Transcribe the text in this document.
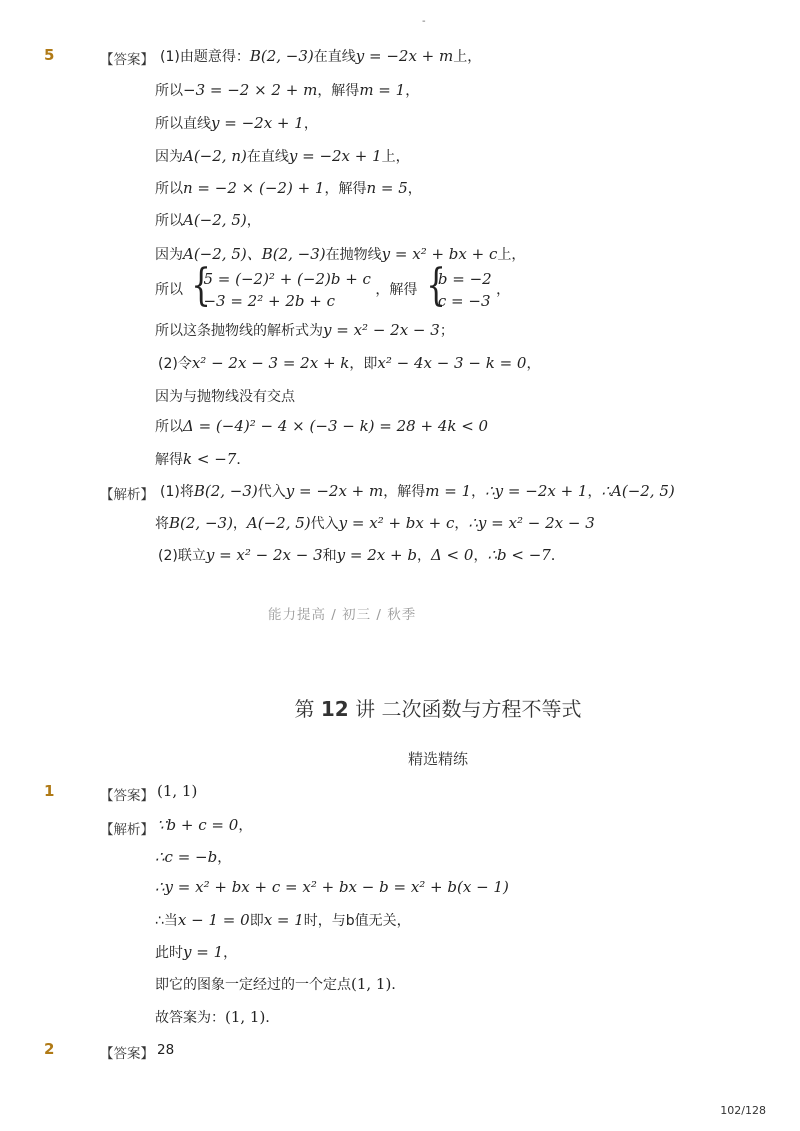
-
5	【答案】 (1)由题意得：B(2, −3)在直线y = −2x + m上，
所以−3 = −2 × 2 + m，解得m = 1，
所以直线y = −2x + 1，
因为A(−2, n)在直线y = −2x + 1上，
所以n = −2 × (−2) + 1，解得n = 5，
所以A(−2, 5)，
因为A(−2, 5)、B(2, −3)在抛物线y = x² + bx + c上，
所以 {
5 = (−2)² + (−2)b + c
−3 = 2² + 2b + c
，解得 {
b = −2
c = −3
，
所以这条抛物线的解析式为y = x² − 2x − 3；
(2)令x² − 2x − 3 = 2x + k，即x² − 4x − 3 − k = 0，
因为与抛物线没有交点
所以Δ = (−4)² − 4 × (−3 − k) = 28 + 4k < 0
解得k < −7．
【解析】 (1)将B(2, −3)代入y = −2x + m，解得m = 1，∴y = −2x + 1，∴A(−2, 5)
将B(2, −3)，A(−2, 5)代入y = x² + bx + c，∴y = x² − 2x − 3
(2)联立y = x² − 2x − 3和y = 2x + b，Δ < 0，∴b < −7．
能力提高 / 初三 / 秋季
第 12 讲 二次函数与方程不等式
精选精练
1	【答案】 (1, 1)
【解析】 ∵b + c = 0，
∴c = −b，
∴y = x² + bx + c = x² + bx − b = x² + b(x − 1)
∴当x − 1 = 0即x = 1时，与b值无关，
此时y = 1，
即它的图象一定经过的一个定点(1, 1)．
故答案为：(1, 1)．
2	【答案】 28
102/128
